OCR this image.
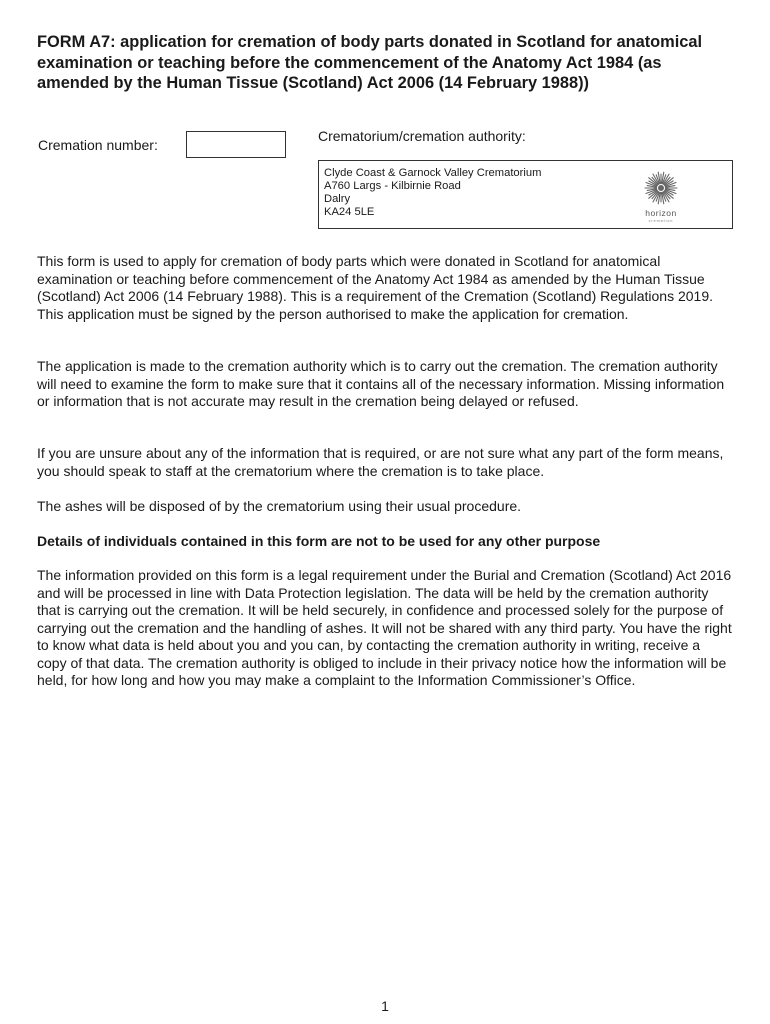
FORM A7: application for cremation of body parts donated in Scotland for anatomical examination or teaching before the commencement of the Anatomy Act 1984 (as amended by the Human Tissue (Scotland) Act 2006 (14 February 1988))
Cremation number:
Crematorium/cremation authority:
Clyde Coast & Garnock Valley Crematorium
A760 Largs - Kilbirnie Road
Dalry
KA24 5LE	horizon
cremation

This form is used to apply for cremation of body parts which were donated in Scotland for anatomical examination or teaching before commencement of the Anatomy Act 1984 as amended by the Human Tissue (Scotland) Act 2006 (14 February 1988). This is a requirement of the Cremation (Scotland) Regulations 2019. This application must be signed by the person authorised to make the application for cremation.

The application is made to the cremation authority which is to carry out the cremation. The cremation authority will need to examine the form to make sure that it contains all of the necessary information. Missing information or information that is not accurate may result in the cremation being delayed or refused.

If you are unsure about any of the information that is required, or are not sure what any part of the form means, you should speak to staff at the crematorium where the cremation is to take place.

The ashes will be disposed of by the crematorium using their usual procedure.

Details of individuals contained in this form are not to be used for any other purpose

The information provided on this form is a legal requirement under the Burial and Cremation (Scotland) Act 2016 and will be processed in line with Data Protection legislation. The data will be held by the cremation authority that is carrying out the cremation. It will be held securely, in confidence and processed solely for the purpose of carrying out the cremation and the handling of ashes. It will not be shared with any third party. You have the right to know what data is held about you and you can, by contacting the cremation authority in writing, receive a copy of that data. The cremation authority is obliged to include in their privacy notice how the information will be held, for how long and how you may make a complaint to the Information Commissioner’s Office.

1
